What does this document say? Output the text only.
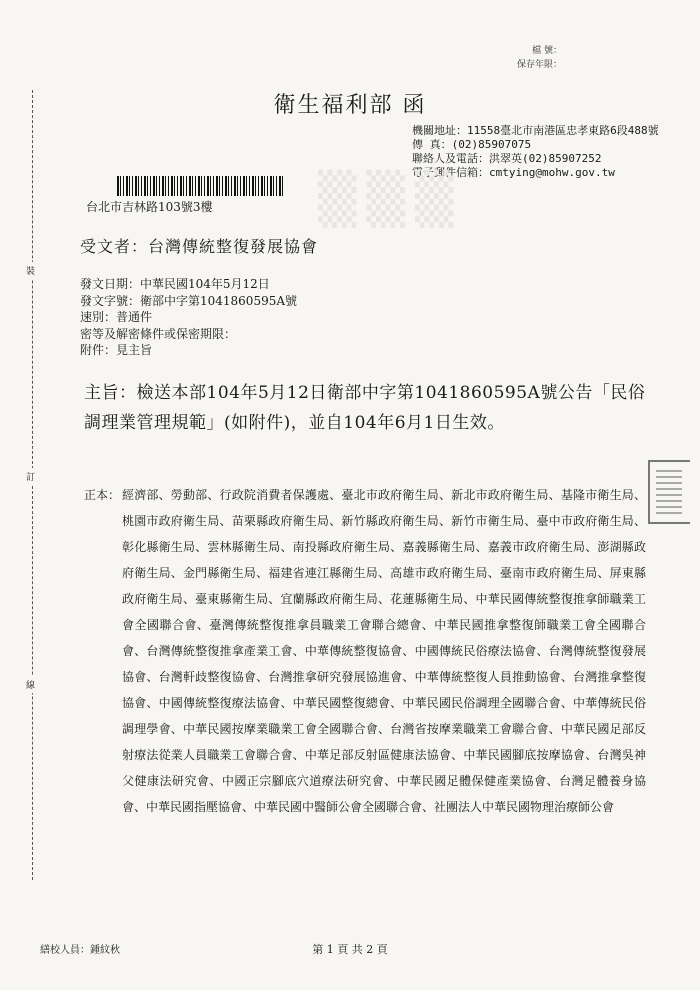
裝
訂
線
檔 號：
保存年限：
衛生福利部 函
機關地址：11558臺北市南港區忠孝東路6段488號
傳 真：(02)85907075
聯絡人及電話：洪翠英(02)85907252
電子郵件信箱：cmtying@mohw.gov.tw
▒▒▒
台北市吉林路103號3樓
受文者：台灣傳統整復發展協會
發文日期：中華民國104年5月12日
發文字號：衛部中字第1041860595A號
速別：普通件
密等及解密條件或保密期限：
附件：見主旨
主旨：檢送本部104年5月12日衛部中字第1041860595A號公告「民俗調理業管理規範」(如附件)，並自104年6月1日生效。
正本： 經濟部、勞動部、行政院消費者保護處、臺北市政府衛生局、新北市政府衛生局、基隆市衛生局、桃園市政府衛生局、苗栗縣政府衛生局、新竹縣政府衛生局、新竹市衛生局、臺中市政府衛生局、彰化縣衛生局、雲林縣衛生局、南投縣政府衛生局、嘉義縣衛生局、嘉義市政府衛生局、澎湖縣政府衛生局、金門縣衛生局、福建省連江縣衛生局、高雄市政府衛生局、臺南市政府衛生局、屏東縣政府衛生局、臺東縣衛生局、宜蘭縣政府衛生局、花蓮縣衛生局、中華民國傳統整復推拿師職業工會全國聯合會、臺灣傳統整復推拿員職業工會聯合總會、中華民國推拿整復師職業工會全國聯合會、台灣傳統整復推拿產業工會、中華傳統整復協會、中國傳統民俗療法協會、台灣傳統整復發展協會、台灣軒歧整復協會、台灣推拿研究發展協進會、中華傳統整復人員推動協會、台灣推拿整復協會、中國傳統整復療法協會、中華民國整復總會、中華民國民俗調理全國聯合會、中華傳統民俗調理學會、中華民國按摩業職業工會全國聯合會、台灣省按摩業職業工會聯合會、中華民國足部反射療法從業人員職業工會聯合會、中華足部反射區健康法協會、中華民國腳底按摩協會、台灣吳神父健康法研究會、中國正宗腳底穴道療法研究會、中華民國足體保健產業協會、台灣足體養身協會、中華民國指壓協會、中華民國中醫師公會全國聯合會、社團法人中華民國物理治療師公會
繕校人員：鍾紋秋	第 1 頁 共 2 頁
